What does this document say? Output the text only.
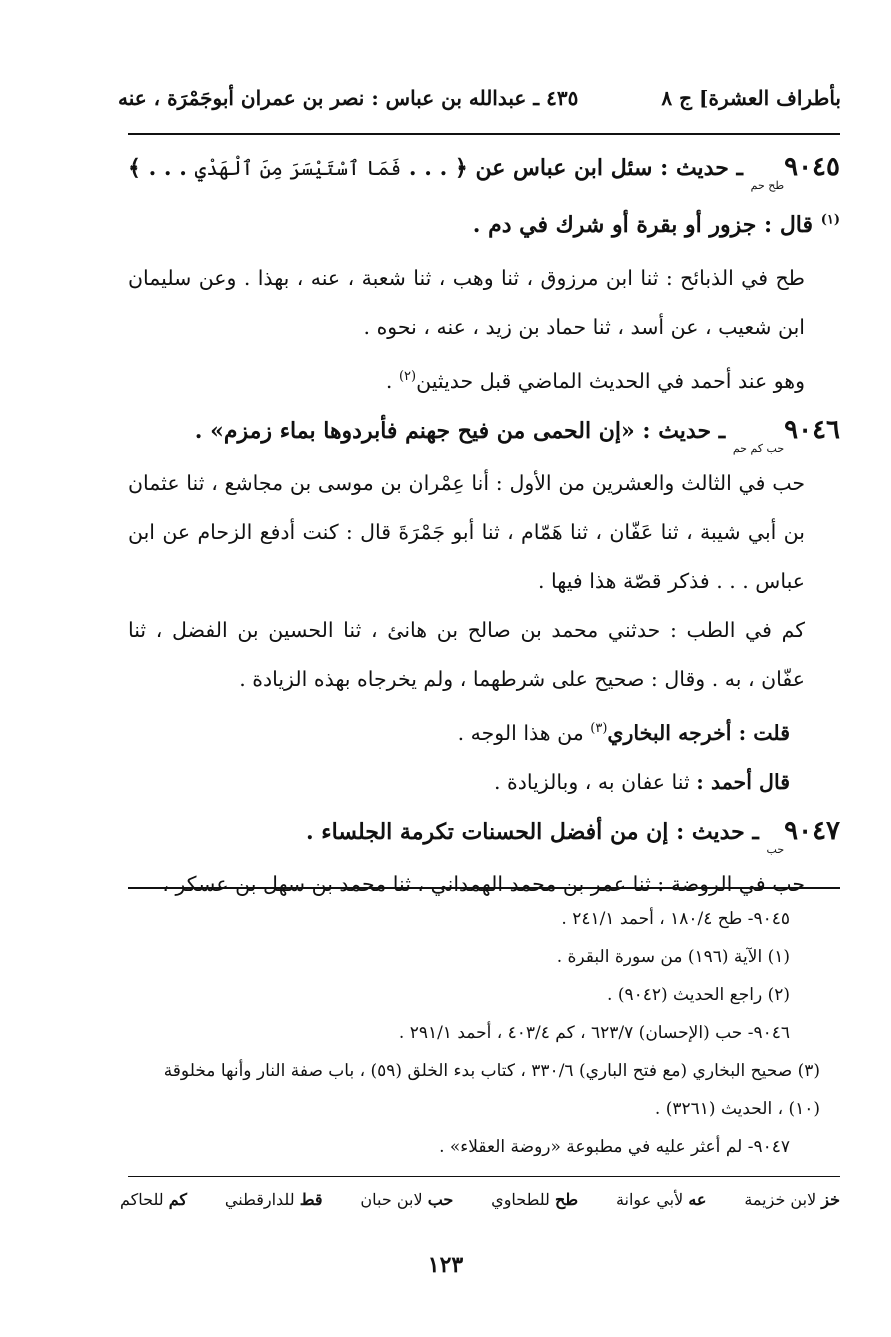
بأطراف العشرة] ج ٨
٤٣٥ ـ عبدالله بن عباس : نصر بن عمران أبوجَمْرَة ، عنه

$٩٠٤٥_{طح حم}$ ـ حديث : سئل ابن عباس عن ﴿ . . . فَمَا ٱسْتَيْسَرَ مِنَ ٱلْهَدْيِ . . . ﴾$^{(١)}$ قال : جزور أو بقرة أو شرك في دم .

طح في الذبائح : ثنا ابن مرزوق ، ثنا وهب ، ثنا شعبة ، عنه ، بهذا . وعن سليمان ابن شعيب ، عن أسد ، ثنا حماد بن زيد ، عنه ، نحوه .

وهو عند أحمد في الحديث الماضي قبل حديثين$^{(٢)}$ .

$٩٠٤٦_{حب كم حم}$ ـ حديث : «إن الحمى من فيح جهنم فأبردوها بماء زمزم» .

حب في الثالث والعشرين من الأول : أنا عِمْران بن موسى بن مجاشع ، ثنا عثمان بن أبي شيبة ، ثنا عَفّان ، ثنا هَمّام ، ثنا أبو جَمْرَةَ قال : كنت أدفع الزحام عن ابن عباس . . . فذكر قصّة هذا فيها .

كم في الطب : حدثني محمد بن صالح بن هانئ ، ثنا الحسين بن الفضل ، ثنا عفّان ، به . وقال : صحيح على شرطهما ، ولم يخرجاه بهذه الزيادة .

قلت : أخرجه البخاري$^{(٣)}$ من هذا الوجه .

قال أحمد : ثنا عفان به ، وبالزيادة .

$٩٠٤٧_{حب}$ ـ حديث : إن من أفضل الحسنات تكرمة الجلساء .

حب في الروضة : ثنا عمر بن محمد الهمداني ، ثنا محمد بن سهل بن عسكر ،

٩٠٤٥- طح ١٨٠/٤ ، أحمد ٢٤١/١ .
(١) الآية (١٩٦) من سورة البقرة .
(٢) راجع الحديث (٩٠٤٢) .
٩٠٤٦- حب (الإحسان) ٦٢٣/٧ ، كم ٤٠٣/٤ ، أحمد ٢٩١/١ .
(٣) صحيح البخاري (مع فتح الباري) ٣٣٠/٦ ، كتاب بدء الخلق (٥٩) ، باب صفة النار وأنها مخلوقة (١٠) ، الحديث (٣٢٦١) .
٩٠٤٧- لم أعثر عليه في مطبوعة «روضة العقلاء» .
خز لابن خزيمة
عه لأبي عوانة
طح للطحاوي
حب لابن حبان
قط للدارقطني
كم للحاكم
١٢٣
